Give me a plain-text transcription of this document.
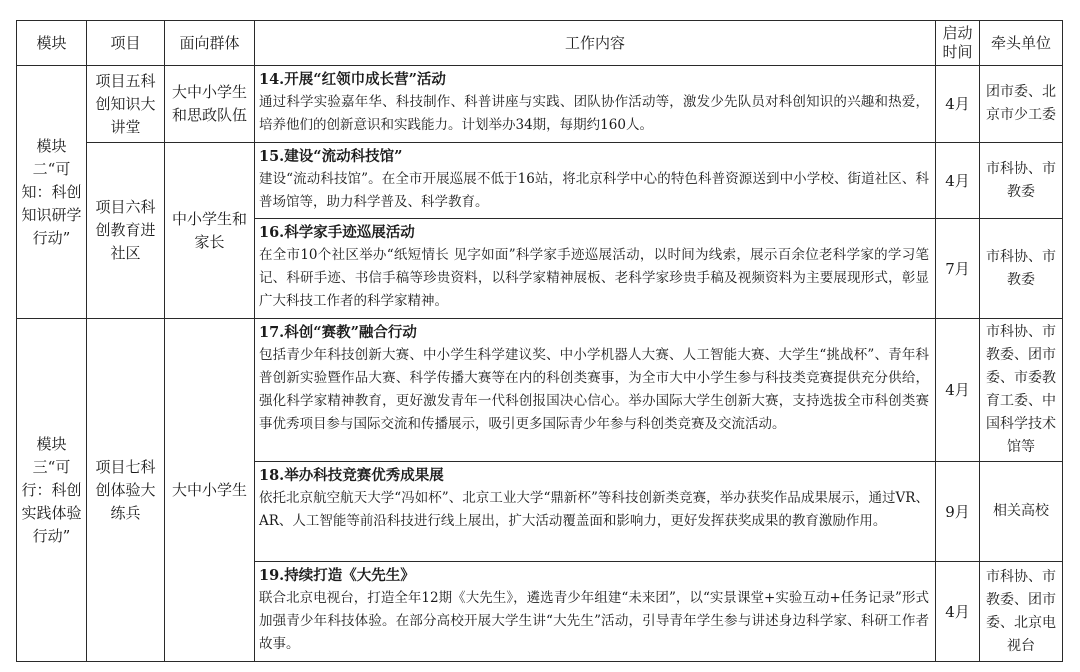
模块	项目	面向群体	工作内容	启动时间	牵头单位
模块二“可知：科创知识研学行动”	项目五科创知识大讲堂	大中小学生和思政队伍	14.开展“红领巾成长营”活动
通过科学实验嘉年华、科技制作、科普讲座与实践、团队协作活动等，激发少先队员对科创知识的兴趣和热爱，培养他们的创新意识和实践能力。计划举办34期，每期约160人。	4月	团市委、北京市少工委
	项目六科创教育进社区	中小学生和家长	15.建设“流动科技馆”
建设“流动科技馆”。在全市开展巡展不低于16站，将北京科学中心的特色科普资源送到中小学校、街道社区、科普场馆等，助力科学普及、科学教育。	4月	市科协、市教委

			16.科学家手迹巡展活动
在全市10个社区举办“纸短情长 见字如面”科学家手迹巡展活动，以时间为线索，展示百余位老科学家的学习笔记、科研手迹、书信手稿等珍贵资料，以科学家精神展板、老科学家珍贵手稿及视频资料为主要展现形式，彰显广大科技工作者的科学家精神。	7月	市科协、市教委
模块三“可行：科创实践体验行动”	项目七科创体验大练兵	大中小学生	17.科创“赛教”融合行动
包括青少年科技创新大赛、中小学生科学建议奖、中小学机器人大赛、人工智能大赛、大学生“挑战杯”、青年科普创新实验暨作品大赛、科学传播大赛等在内的科创类赛事，为全市大中小学生参与科技类竞赛提供充分供给，强化科学家精神教育，更好激发青年一代科创报国决心信心。举办国际大学生创新大赛，支持选拔全市科创类赛事优秀项目参与国际交流和传播展示，吸引更多国际青少年参与科创类竞赛及交流活动。	4月	市科协、市教委、团市委、市委教育工委、中国科学技术馆等

			18.举办科技竞赛优秀成果展
依托北京航空航天大学“冯如杯”、北京工业大学“鼎新杯”等科技创新类竞赛，举办获奖作品成果展示，通过VR、AR、人工智能等前沿科技进行线上展出，扩大活动覆盖面和影响力，更好发挥获奖成果的教育激励作用。	9月	相关高校

			19.持续打造《大先生》
联合北京电视台，打造全年12期《大先生》，遴选青少年组建“未来团”，以“实景课堂+实验互动+任务记录”形式加强青少年科技体验。在部分高校开展大学生讲“大先生”活动，引导青年学生参与讲述身边科学家、科研工作者故事。	4月	市科协、市教委、团市委、北京电视台
